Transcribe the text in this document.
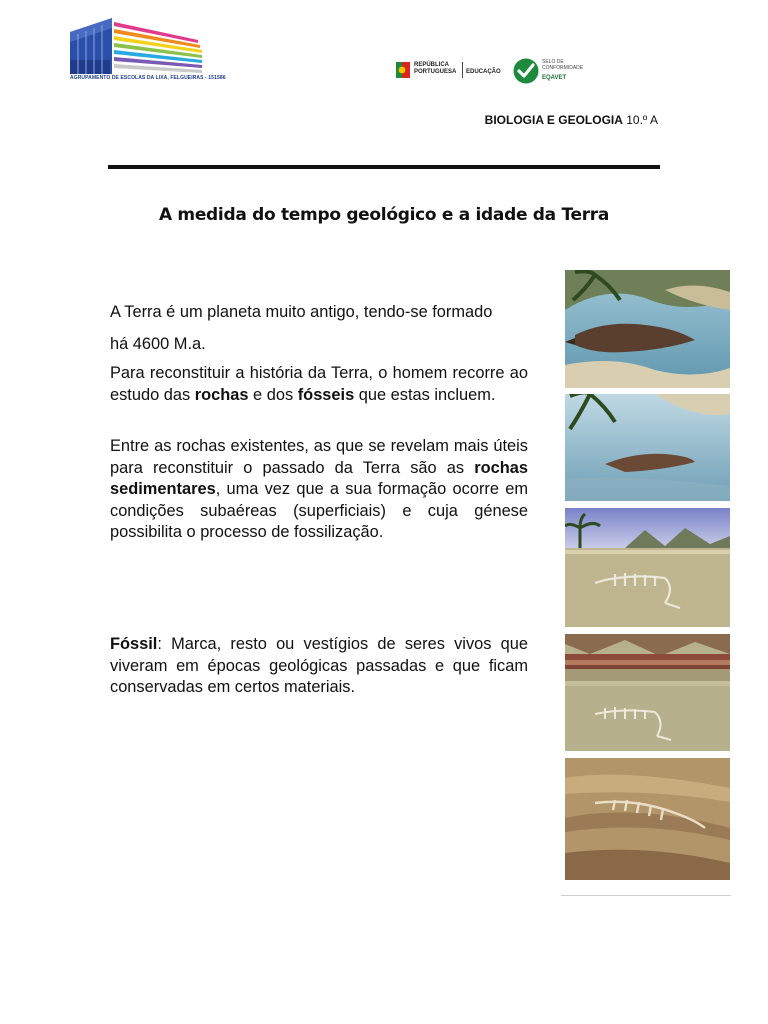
AGRUPAMENTO DE ESCOLAS DA LIXA, FELGUEIRAS - 151586
REPÚBLICA
PORTUGUESA EDUCAÇÃO
SELO DE
CONFORMIDADE
EQAVET
BIOLOGIA E GEOLOGIA 10.º A
A medida do tempo geológico e a idade da Terra
A Terra é um planeta muito antigo, tendo-se formado
há 4600 M.a.
Para reconstituir a história da Terra, o homem recorre ao estudo das rochas e dos fósseis que estas incluem.
Entre as rochas existentes, as que se revelam mais úteis para reconstituir o passado da Terra são as rochas sedimentares, uma vez que a sua formação ocorre em condições subaéreas (superficiais) e cuja génese possibilita o processo de fossilização.
Fóssil: Marca, resto ou vestígios de seres vivos que viveram em épocas geológicas passadas e que ficam conservadas em certos materiais.
